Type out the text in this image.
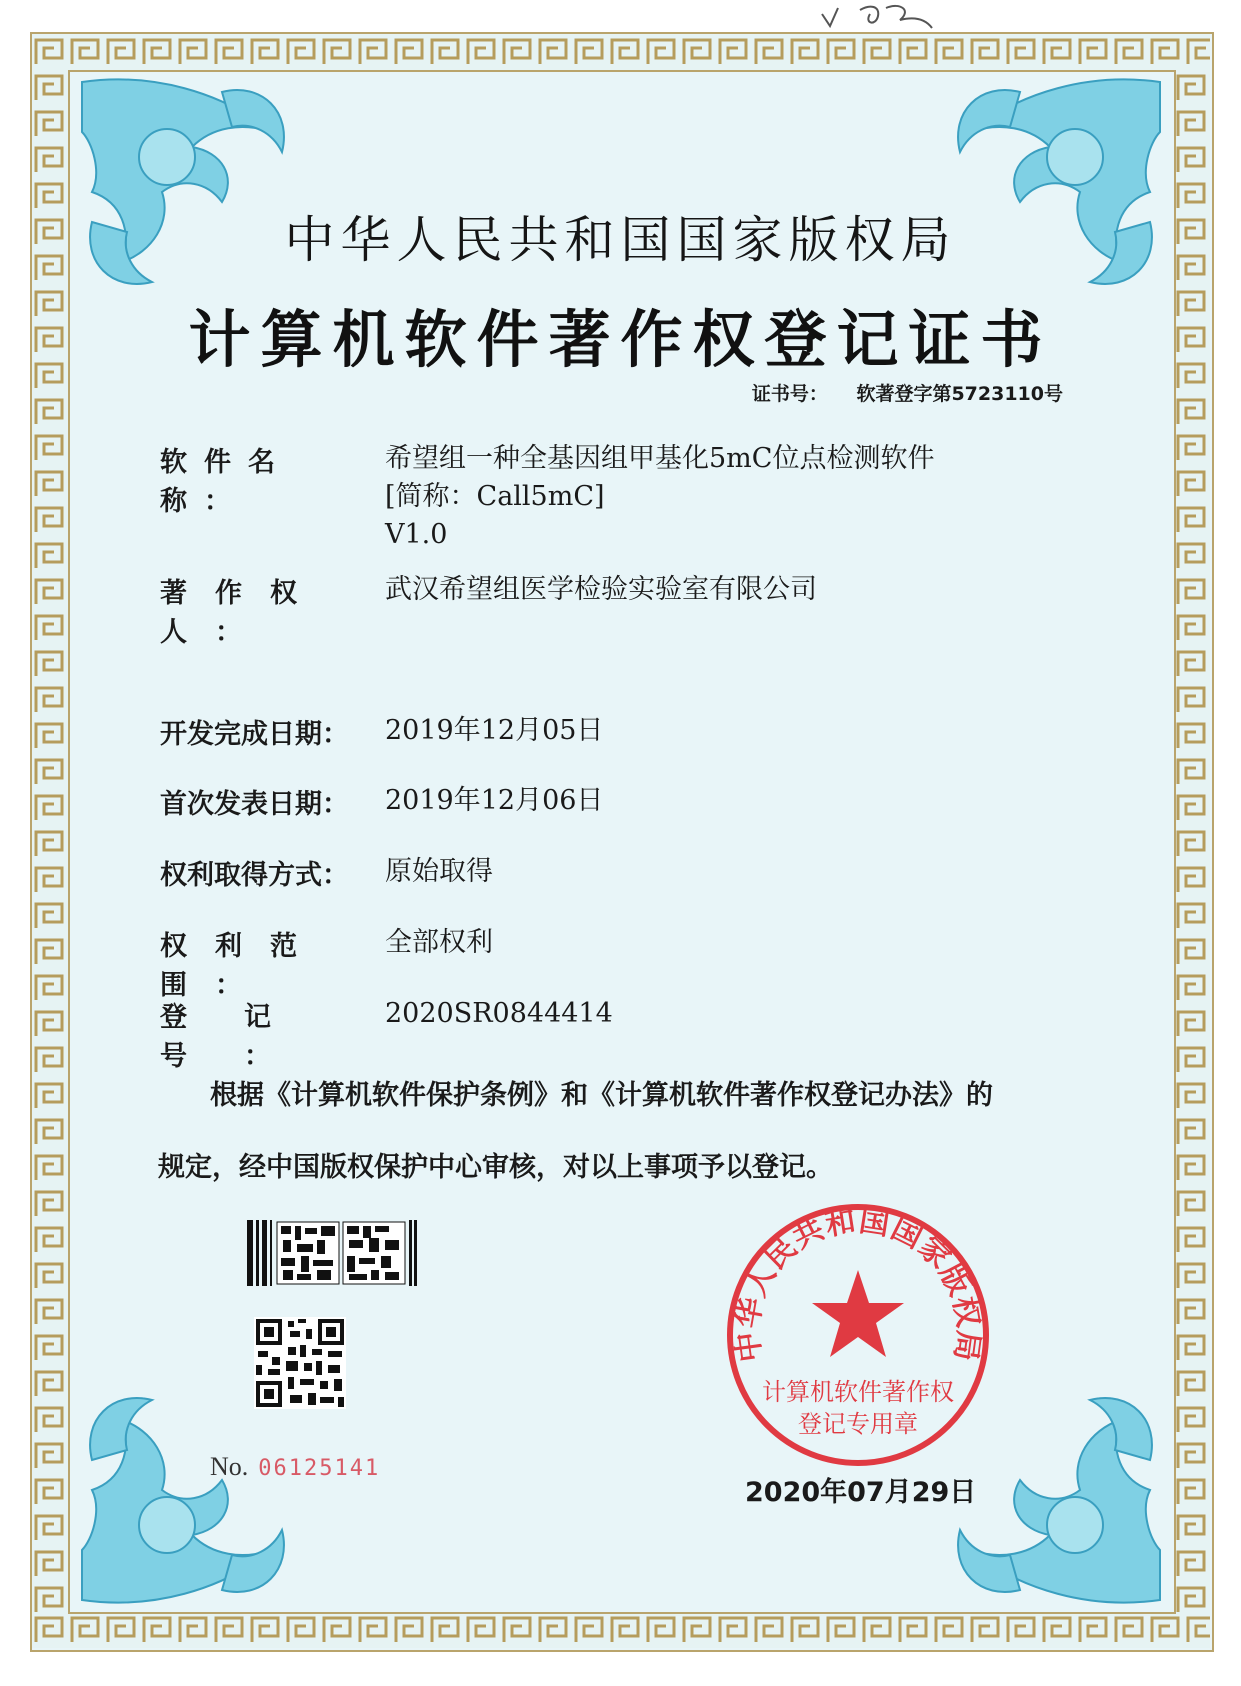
中华人民共和国国家版权局
计算机软件著作权登记证书
证书号： 软著登字第5723110号
软件名称：
希望组一种全基因组甲基化5mC位点检测软件
[简称：Call5mC]
V1.0
著作权人：
武汉希望组医学检验实验室有限公司
开发完成日期：	2019年12月05日
首次发表日期：	2019年12月06日
权利取得方式：	原始取得
权利范围：
全部权利
登记号：
2020SR0844414
根据《计算机软件保护条例》和《计算机软件著作权登记办法》的
规定，经中国版权保护中心审核，对以上事项予以登记。
No. 06125141
中华人民共和国国家版权局
计算机软件著作权
登记专用章
2020年07月29日
